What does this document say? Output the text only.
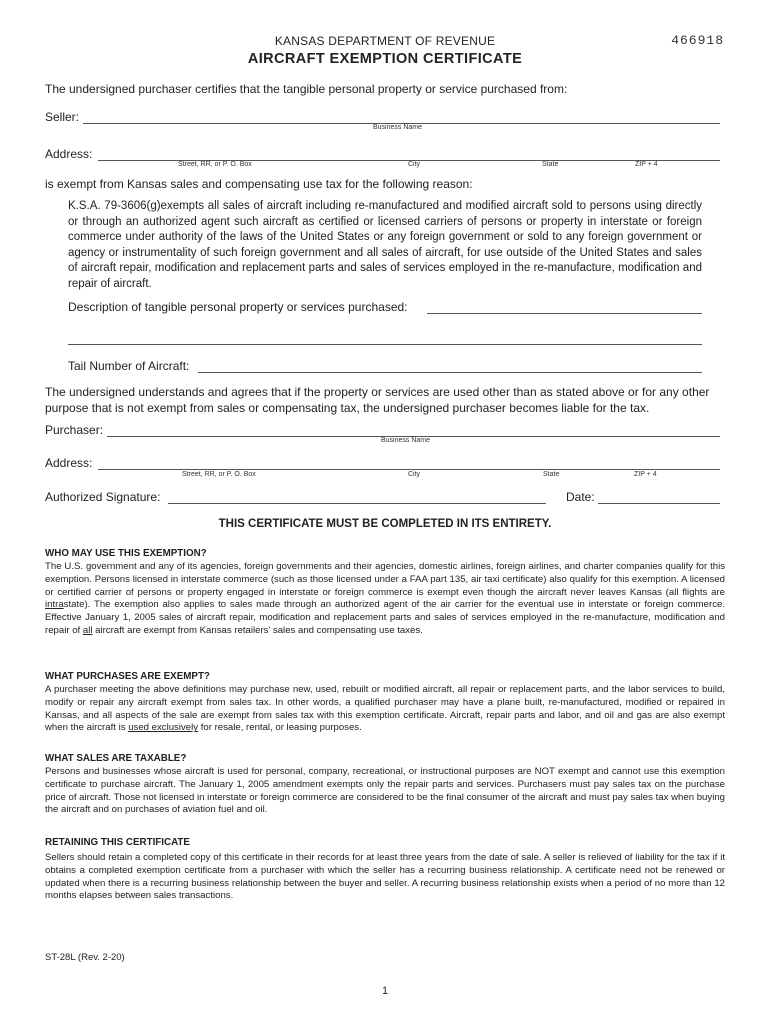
KANSAS DEPARTMENT OF REVENUE	466918
AIRCRAFT EXEMPTION CERTIFICATE
The undersigned purchaser certifies that the tangible personal property or service purchased from:
Seller:
Business Name
Address:
Street, RR, or P. O. Box	City	State	ZIP + 4
is exempt from Kansas sales and compensating use tax for the following reason:
K.S.A. 79-3606(g)exempts all sales of aircraft including re-manufactured and modified aircraft sold to persons using directly or through an authorized agent such aircraft as certified or licensed carriers of persons or property in interstate or foreign commerce under authority of the laws of the United States or any foreign government or sold to any foreign government or agency or instrumentality of such foreign government and all sales of aircraft, for use outside of the United States and sales of aircraft repair, modification and replacement parts and sales of services employed in the re-manufacture, modification and repair of aircraft.
Description of tangible personal property or services purchased:
Tail Number of Aircraft:
The undersigned understands and agrees that if the property or services are used other than as stated above or for any other purpose that is not exempt from sales or compensating tax, the undersigned purchaser becomes liable for the tax.
Purchaser:
Business Name
Address:
Street, RR, or P. O. Box	City	State	ZIP + 4
Authorized Signature:	Date:
THIS CERTIFICATE MUST BE COMPLETED IN ITS ENTIRETY.
WHO MAY USE THIS EXEMPTION?
The U.S. government and any of its agencies, foreign governments and their agencies, domestic airlines, foreign airlines, and charter companies qualify for this exemption. Persons licensed in interstate commerce (such as those licensed under a FAA part 135, air taxi certificate) also qualify for this exemption. A licensed or certified carrier of persons or property engaged in interstate or foreign commerce is exempt even though the aircraft never leaves Kansas (all flights are intrastate). The exemption also applies to sales made through an authorized agent of the air carrier for the eventual use in interstate or foreign commerce. Effective January 1, 2005 sales of aircraft repair, modification and replacement parts and sales of services employed in the re-manufacture, modification and repair of all aircraft are exempt from Kansas retailers' sales and compensating use taxes.
WHAT PURCHASES ARE EXEMPT?
A purchaser meeting the above definitions may purchase new, used, rebuilt or modified aircraft, all repair or replacement parts, and the labor services to build, modify or repair any aircraft exempt from sales tax. In other words, a qualified purchaser may have a plane built, re-manufactured, modified or repaired in Kansas, and all aspects of the sale are exempt from sales tax with this exemption certificate. Aircraft, repair parts and labor, and oil and gas are also exempt when the aircraft is used exclusively for resale, rental, or leasing purposes.
WHAT SALES ARE TAXABLE?
Persons and businesses whose aircraft is used for personal, company, recreational, or instructional purposes are NOT exempt and cannot use this exemption certificate to purchase aircraft. The January 1, 2005 amendment exempts only the repair parts and services. Purchasers must pay sales tax on the purchase price of aircraft. Those not licensed in interstate or foreign commerce are considered to be the final consumer of the aircraft and must pay sales tax when buying the aircraft and on purchases of aviation fuel and oil.
RETAINING THIS CERTIFICATE
Sellers should retain a completed copy of this certificate in their records for at least three years from the date of sale. A seller is relieved of liability for the tax if it obtains a completed exemption certificate from a purchaser with which the seller has a recurring business relationship. A certificate need not be renewed or updated when there is a recurring business relationship between the buyer and seller. A recurring business relationship exists when a period of no more than 12 months elapses between sales transactions.
ST-28L (Rev. 2-20)
1
